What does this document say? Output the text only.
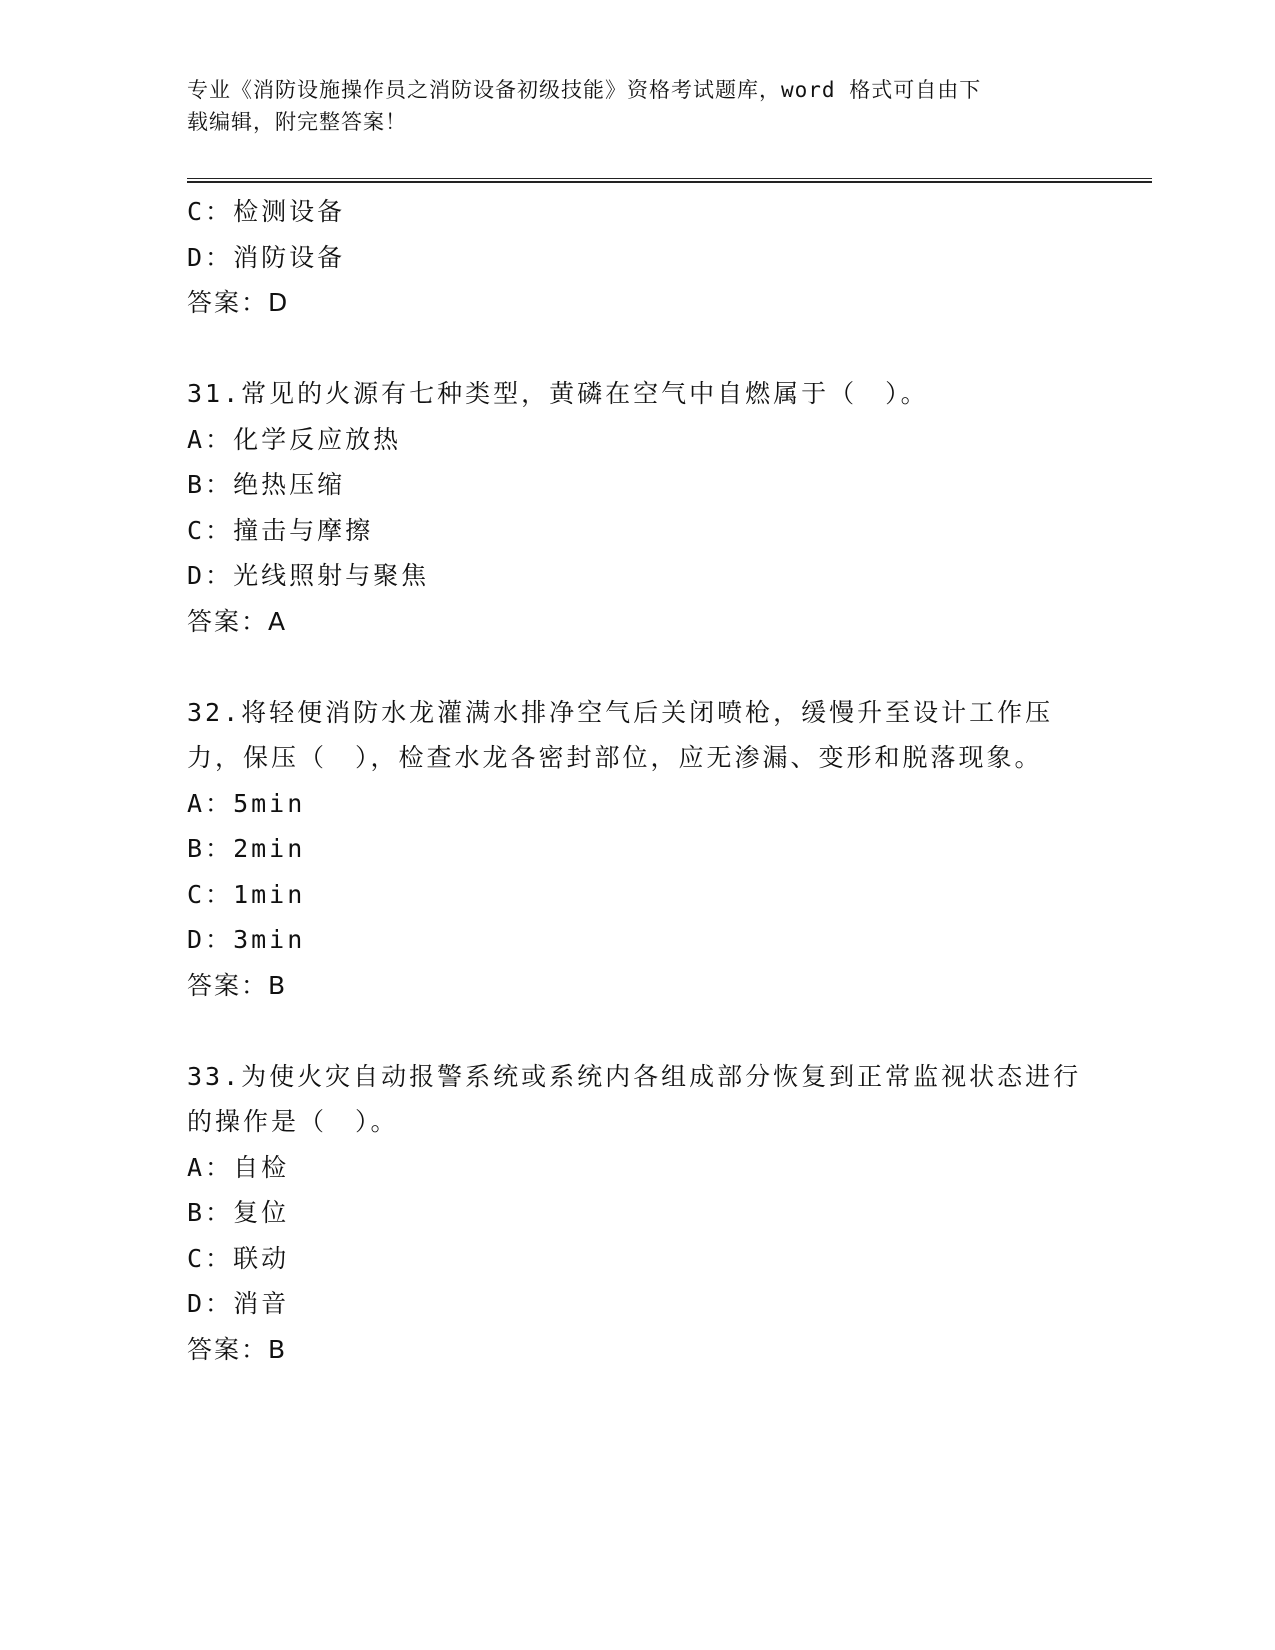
专业《消防设施操作员之消防设备初级技能》资格考试题库，word 格式可自由下
载编辑，附完整答案！
C：检测设备
D：消防设备
答案：D
31.常见的火源有七种类型，黄磷在空气中自燃属于（　）。
A：化学反应放热
B：绝热压缩
C：撞击与摩擦
D：光线照射与聚焦
答案：A
32.将轻便消防水龙灌满水排净空气后关闭喷枪，缓慢升至设计工作压力，保压（　），检查水龙各密封部位，应无渗漏、变形和脱落现象。
A：5min
B：2min
C：1min
D：3min
答案：B
33.为使火灾自动报警系统或系统内各组成部分恢复到正常监视状态进行的操作是（　）。
A：自检
B：复位
C：联动
D：消音
答案：B
